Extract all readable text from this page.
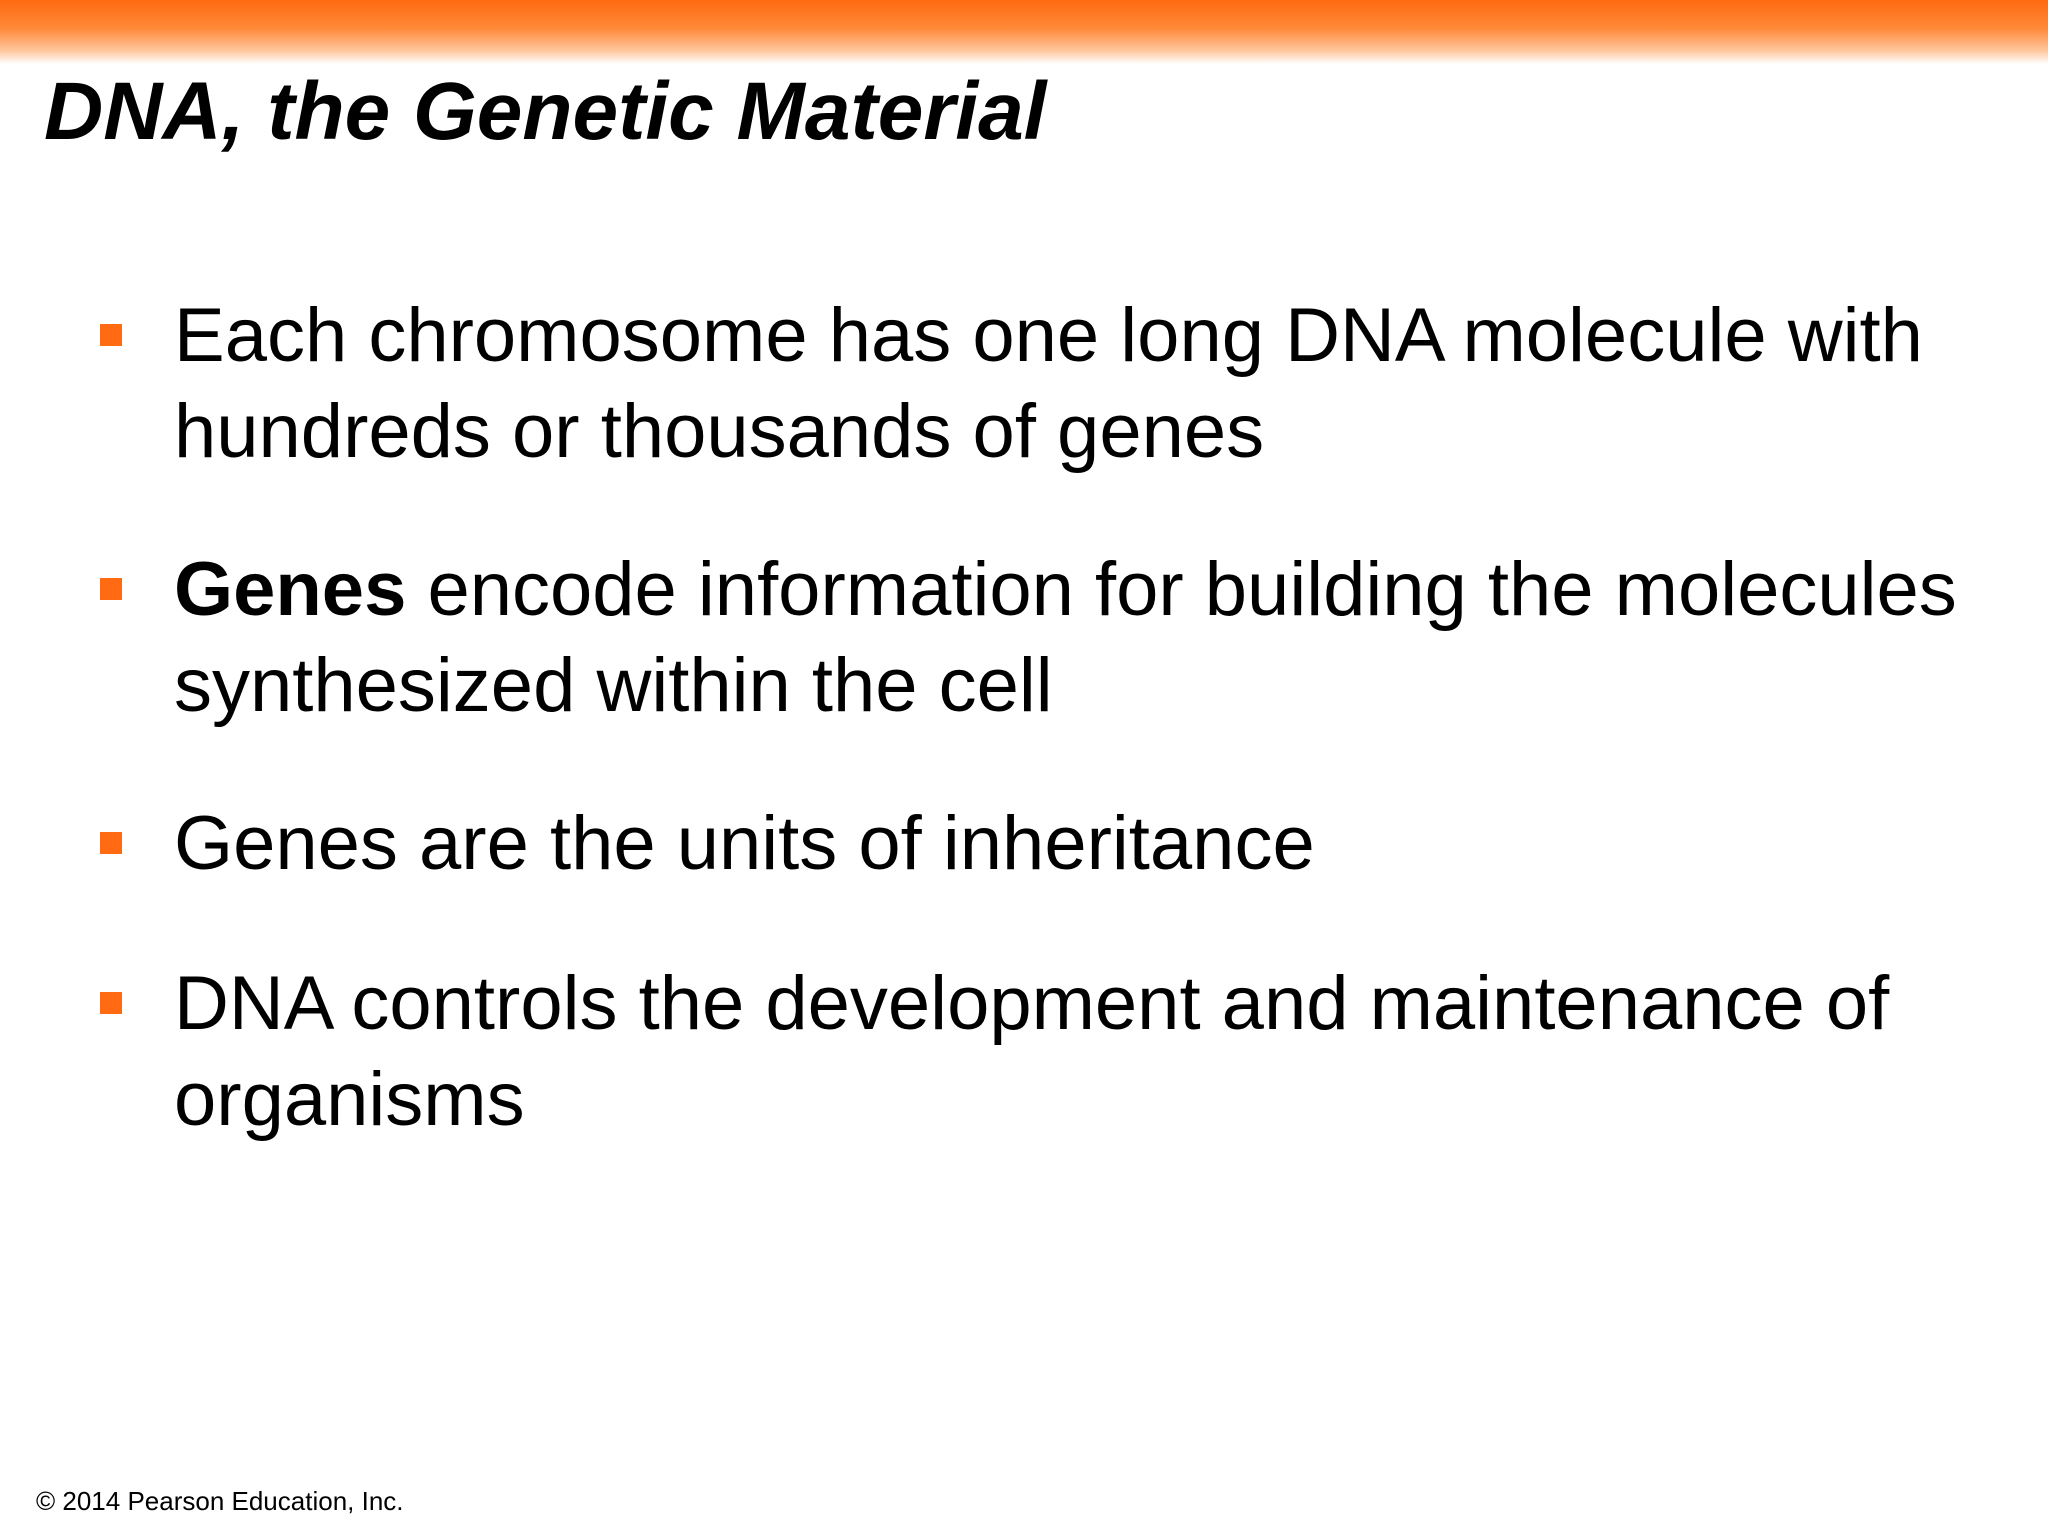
DNA, the Genetic Material
Each chromosome has one long DNA molecule with hundreds or thousands of genes
Genes encode information for building the molecules synthesized within the cell
Genes are the units of inheritance
DNA controls the development and maintenance of organisms
© 2014 Pearson Education, Inc.
